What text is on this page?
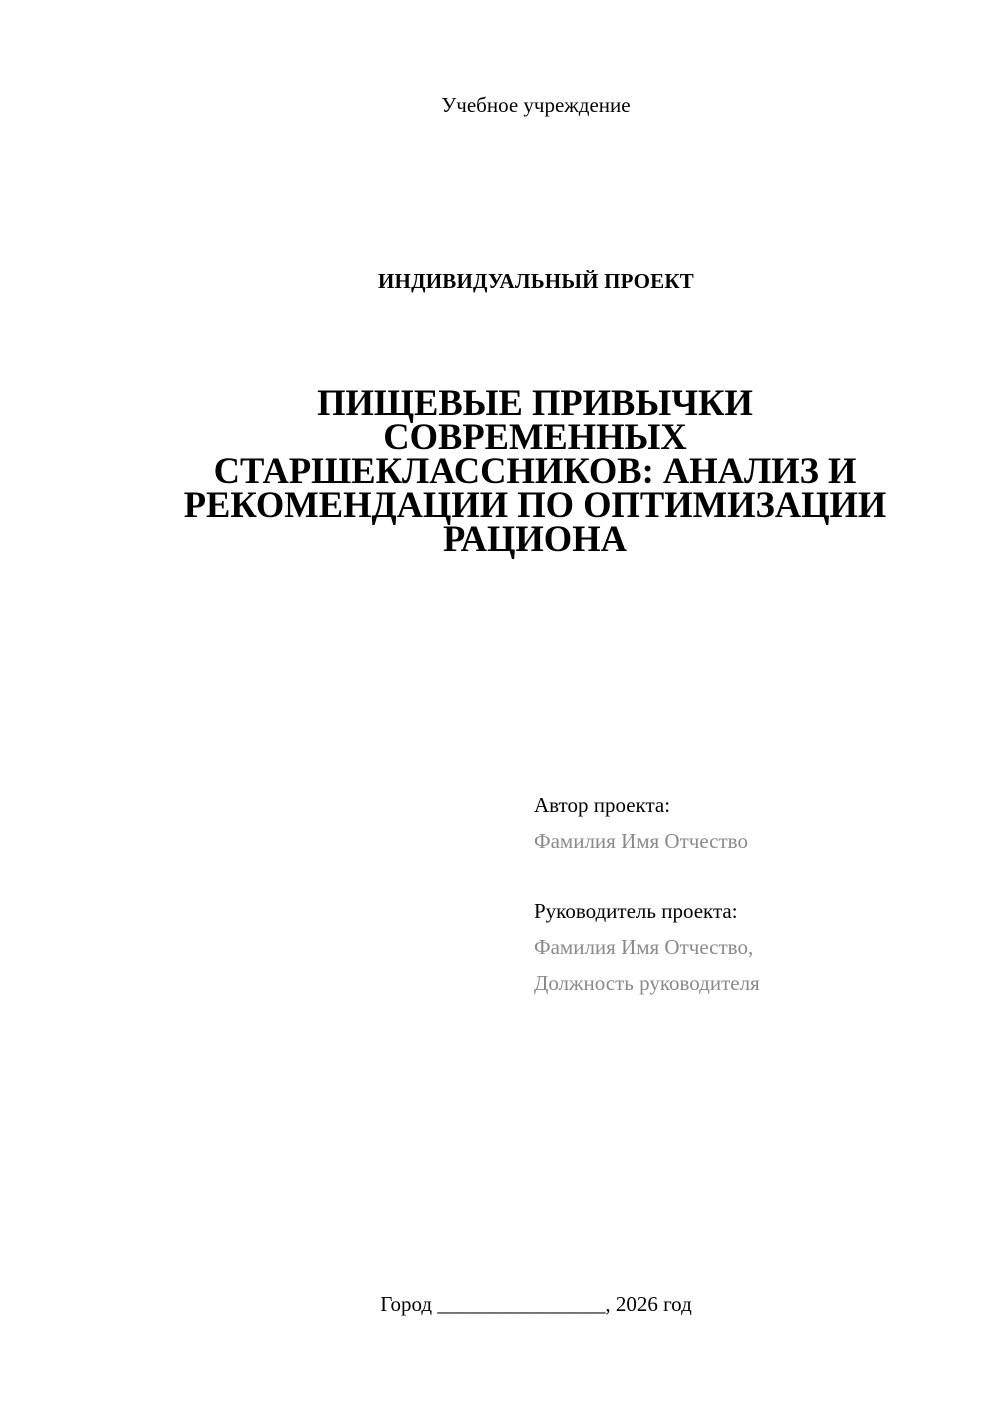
Учебное учреждение
ИНДИВИДУАЛЬНЫЙ ПРОЕКТ
ПИЩЕВЫЕ ПРИВЫЧКИ
СОВРЕМЕННЫХ
СТАРШЕКЛАССНИКОВ: АНАЛИЗ И
РЕКОМЕНДАЦИИ ПО ОПТИМИЗАЦИИ
РАЦИОНА
Автор проекта:
Фамилия Имя Отчество
Руководитель проекта:
Фамилия Имя Отчество,
Должность руководителя
Город ________________, 2026 год
